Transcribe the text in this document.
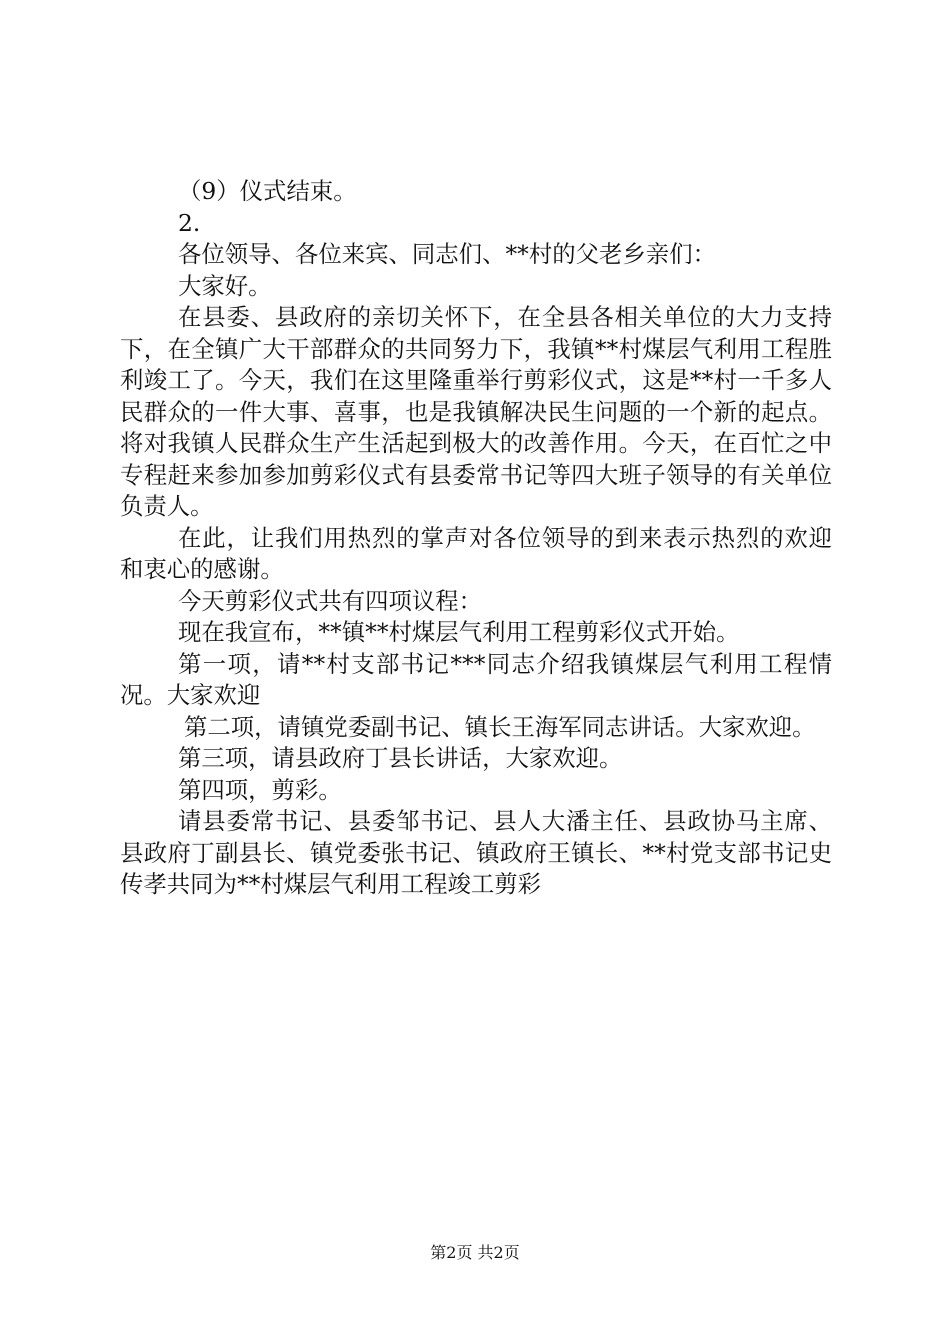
（9）仪式结束。

2.

各位领导、各位来宾、同志们、**村的父老乡亲们：

大家好。

在县委、县政府的亲切关怀下，在全县各相关单位的大力支持下，在全镇广大干部群众的共同努力下，我镇**村煤层气利用工程胜利竣工了。今天，我们在这里隆重举行剪彩仪式，这是**村一千多人民群众的一件大事、喜事，也是我镇解决民生问题的一个新的起点。将对我镇人民群众生产生活起到极大的改善作用。今天，在百忙之中专程赶来参加参加剪彩仪式有县委常书记等四大班子领导的有关单位负责人。

在此，让我们用热烈的掌声对各位领导的到来表示热烈的欢迎和衷心的感谢。

今天剪彩仪式共有四项议程：

现在我宣布，**镇**村煤层气利用工程剪彩仪式开始。

第一项，请**村支部书记***同志介绍我镇煤层气利用工程情况。大家欢迎

第二项，请镇党委副书记、镇长王海军同志讲话。大家欢迎。

第三项，请县政府丁县长讲话，大家欢迎。

第四项，剪彩。

请县委常书记、县委邹书记、县人大潘主任、县政协马主席、县政府丁副县长、镇党委张书记、镇政府王镇长、**村党支部书记史传孝共同为**村煤层气利用工程竣工剪彩

第2页 共2页
